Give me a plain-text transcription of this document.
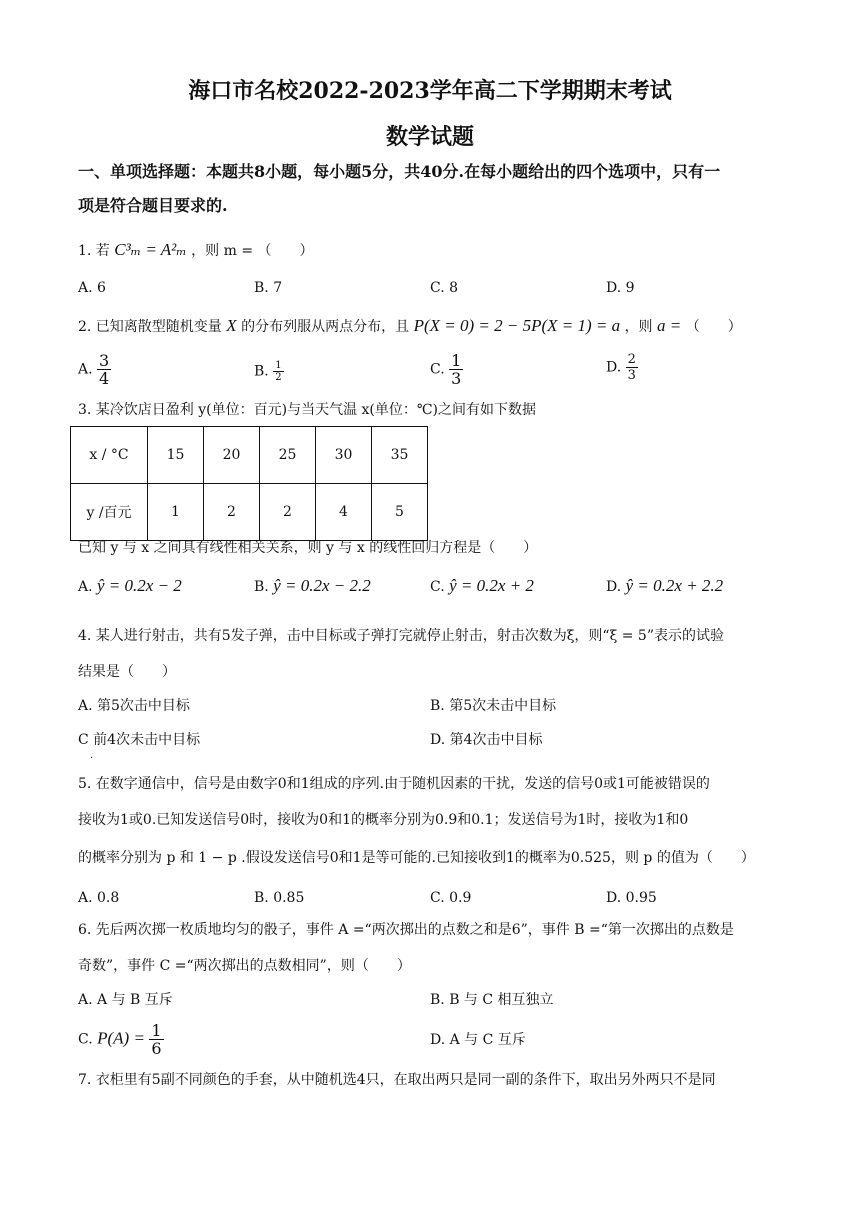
海口市名校2022-2023学年高二下学期期末考试
数学试题
一、单项选择题：本题共8小题，每小题5分，共40分.在每小题给出的四个选项中，只有一
项是符合题目要求的.
1. 若 C³ₘ = A²ₘ ，则 m = （　　）
A. 6	B. 7	C. 8	D. 9
2. 已知离散型随机变量 X 的分布列服从两点分布，且 P(X = 0) = 2 − 5P(X = 1) = a ，则 a = （　　）
A. $\frac{3}{4}$	B. $\frac{1}{2}$	C. $\frac{1}{3}$	D. $\frac{2}{3}$
3. 某冷饮店日盈利 y(单位：百元)与当天气温 x(单位：℃)之间有如下数据
x / °C	15	20	25	30	35
y /百元	1	2	2	4	5
已知 y 与 x 之间具有线性相关关系，则 y 与 x 的线性回归方程是（　　）
A. ŷ = 0.2x − 2	B. ŷ = 0.2x − 2.2	C. ŷ = 0.2x + 2	D. ŷ = 0.2x + 2.2
4. 某人进行射击，共有5发子弹，击中目标或子弹打完就停止射击，射击次数为ξ，则“ξ = 5”表示的试验
结果是（　　）
A. 第5次击中目标	B. 第5次未击中目标
C 前4次未击中目标
.
D. 第4次击中目标
5. 在数字通信中，信号是由数字0和1组成的序列.由于随机因素的干扰，发送的信号0或1可能被错误的
接收为1或0.已知发送信号0时，接收为0和1的概率分别为0.9和0.1；发送信号为1时，接收为1和0
的概率分别为 p 和 1 − p .假设发送信号0和1是等可能的.已知接收到1的概率为0.525，则 p 的值为（　　）
A. 0.8	B. 0.85	C. 0.9	D. 0.95
6. 先后两次掷一枚质地均匀的骰子，事件 A =“两次掷出的点数之和是6”，事件 B =“第一次掷出的点数是
奇数”，事件 C =“两次掷出的点数相同”，则（　　）
A. A 与 B 互斥	B. B 与 C 相互独立
C. $P(A) = \frac{1}{6}$	D. A 与 C 互斥
7. 衣柜里有5副不同颜色的手套，从中随机选4只，在取出两只是同一副的条件下，取出另外两只不是同
